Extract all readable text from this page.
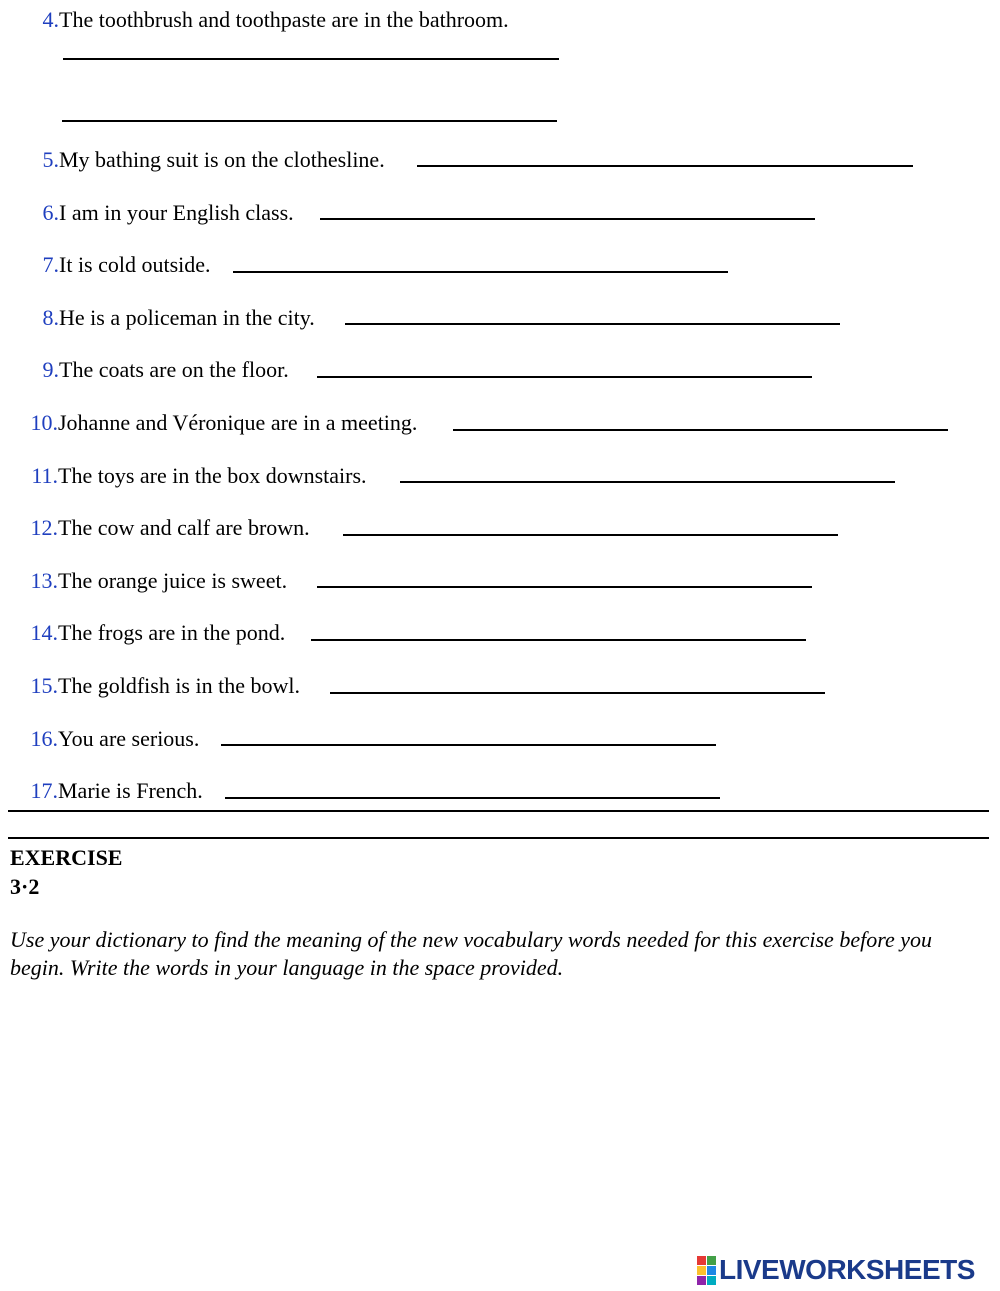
4. The toothbrush and toothpaste are in the bathroom.
5. My bathing suit is on the clothesline.
6. I am in your English class.
7. It is cold outside.
8. He is a policeman in the city.
9. The coats are on the floor.
10. Johanne and Véronique are in a meeting.
11. The toys are in the box downstairs.
12. The cow and calf are brown.
13. The orange juice is sweet.
14. The frogs are in the pond.
15. The goldfish is in the bowl.
16. You are serious.
17. Marie is French.
EXERCISE
3·2
Use your dictionary to find the meaning of the new vocabulary words needed for this exercise before you begin. Write the words in your language in the space provided.
LIVEWORKSHEETS
